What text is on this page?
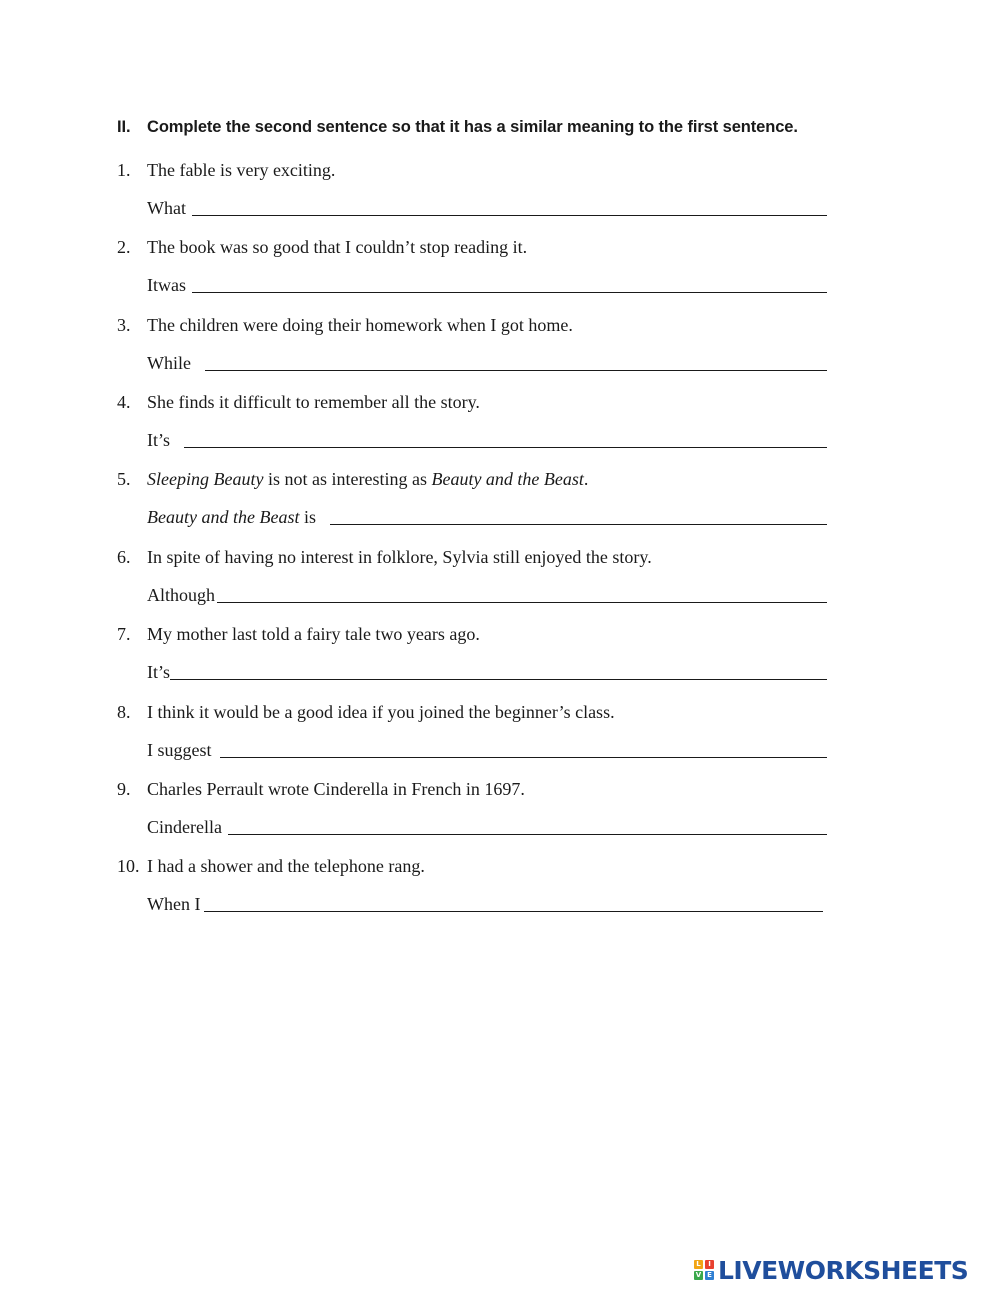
II. Complete the second sentence so that it has a similar meaning to the first sentence.
1. The fable is very exciting.
What
2. The book was so good that I couldn’t stop reading it.
Itwas
3. The children were doing their homework when I got home.
While
4. She finds it difficult to remember all the story.
It’s
5. Sleeping Beauty is not as interesting as Beauty and the Beast.
Beauty and the Beast is
6. In spite of having no interest in folklore, Sylvia still enjoyed the story.
Although
7. My mother last told a fairy tale two years ago.
It’s
8. I think it would be a good idea if you joined the beginner’s class.
I suggest
9. Charles Perrault wrote Cinderella in French in 1697.
Cinderella
10. I had a shower and the telephone rang.
When I
L	I
V E LIVEWORKSHEETS
